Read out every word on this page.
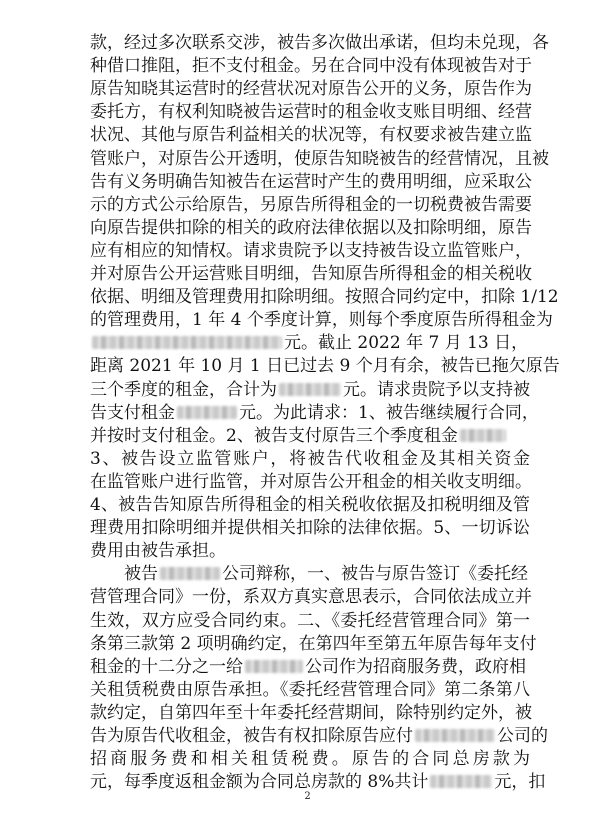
款，经过多次联系交涉，被告多次做出承诺，但均未兑现，各
种借口推阻，拒不支付租金。另在合同中没有体现被告对于
原告知晓其运营时的经营状况对原告公开的义务，原告作为
委托方，有权利知晓被告运营时的租金收支账目明细、经营
状况、其他与原告利益相关的状况等，有权要求被告建立监
管账户，对原告公开透明，使原告知晓被告的经营情况，且被
告有义务明确告知被告在运营时产生的费用明细，应采取公
示的方式公示给原告，另原告所得租金的一切税费被告需要
向原告提供扣除的相关的政府法律依据以及扣除明细，原告
应有相应的知情权。请求贵院予以支持被告设立监管账户，
并对原告公开运营账目明细，告知原告所得租金的相关税收
依据、明细及管理费用扣除明细。按照合同约定中，扣除 1/12
的管理费用，1 年 4 个季度计算，则每个季度原告所得租金为
元。截止 2022 年 7 月 13 日，
距离 2021 年 10 月 1 日已过去 9 个月有余，被告已拖欠原告
三个季度的租金，合计为	元。请求贵院予以支持被
告支付租金	元。为此请求：1、被告继续履行合同，
并按时支付租金。2、被告支付原告三个季度租金
3、被告设立监管账户，将被告代收租金及其相关资金
在监管账户进行监管，并对原告公开租金的相关收支明细。
4、被告告知原告所得租金的相关税收依据及扣税明细及管
理费用扣除明细并提供相关扣除的法律依据。5、一切诉讼
费用由被告承担。
　　被告	公司辩称，一、被告与原告签订《委托经
营管理合同》一份，系双方真实意思表示，合同依法成立并
生效，双方应受合同约束。二、《委托经营管理合同》第一
条第三款第 2 项明确约定，在第四年至第五年原告每年支付
租金的十二分之一给	公司作为招商服务费，政府相
关租赁税费由原告承担。《委托经营管理合同》第二条第八
款约定，自第四年至十年委托经营期间，除特别约定外，被
告为原告代收租金，被告有权扣除原告应付	公司的
招商服务费和相关租赁税费。原告的合同总房款为
元，每季度返租金额为合同总房款的 8%共计	元，扣
2
